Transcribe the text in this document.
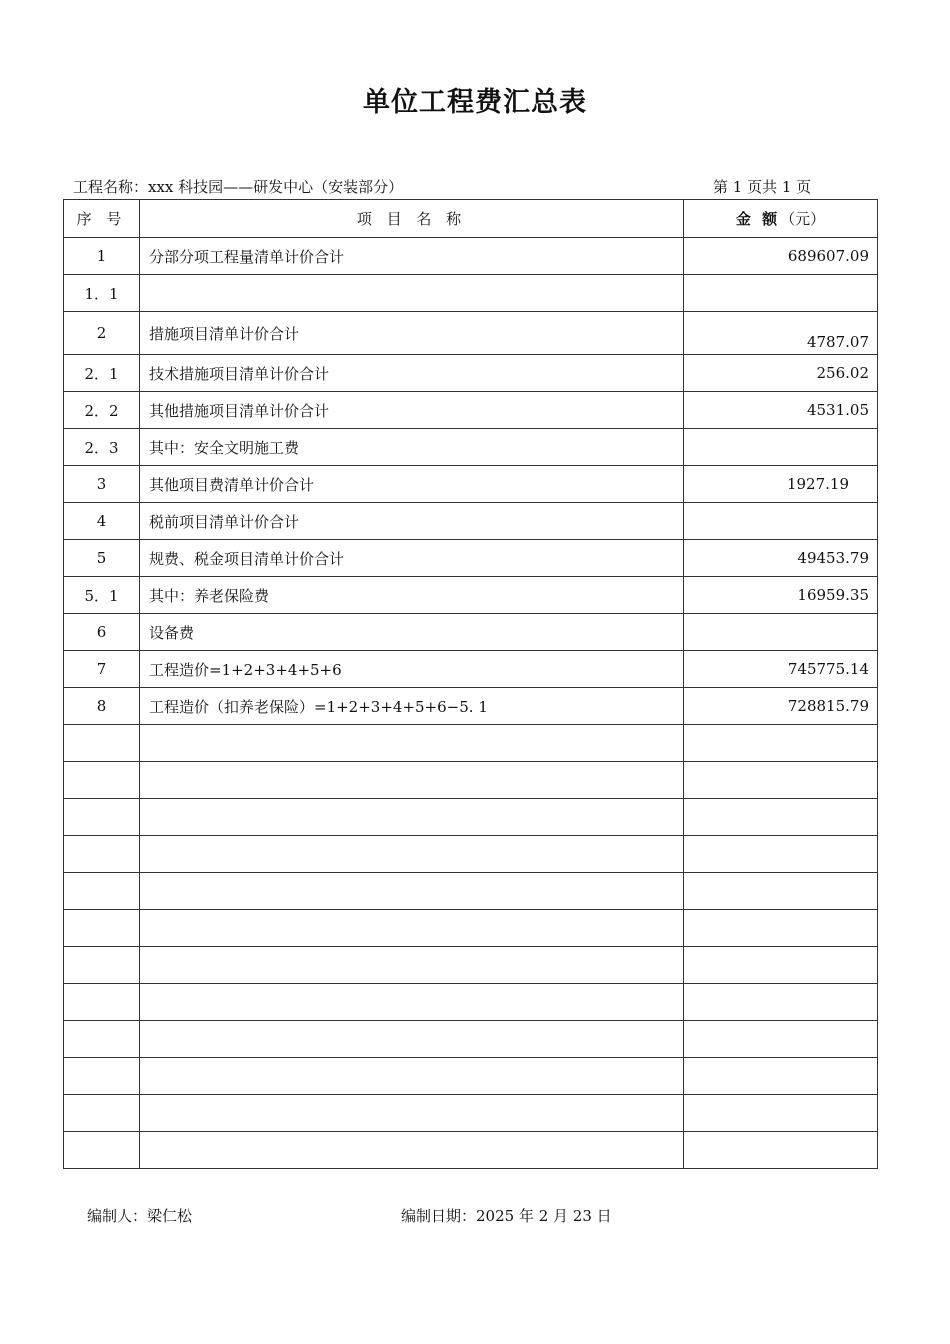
单位工程费汇总表
工程名称：xxx 科技园——研发中心（安装部分）	第 1 页共 1 页
序 号	项 目 名 称	金 额（元）
1	分部分项工程量清单计价合计	689607.09
1．1		
2	措施项目清单计价合计	4787.07
2．1	技术措施项目清单计价合计	256.02
2．2	其他措施项目清单计价合计	4531.05
2．3	其中：安全文明施工费	
3	其他项目费清单计价合计	1927.19
4	税前项目清单计价合计	
5	规费、税金项目清单计价合计	49453.79
5．1	其中：养老保险费	16959.35
6	设备费	
7	工程造价=1+2+3+4+5+6	745775.14
8	工程造价（扣养老保险）=1+2+3+4+5+6−5. 1	728815.79

编制人：梁仁松	编制日期：2025 年 2 月 23 日
